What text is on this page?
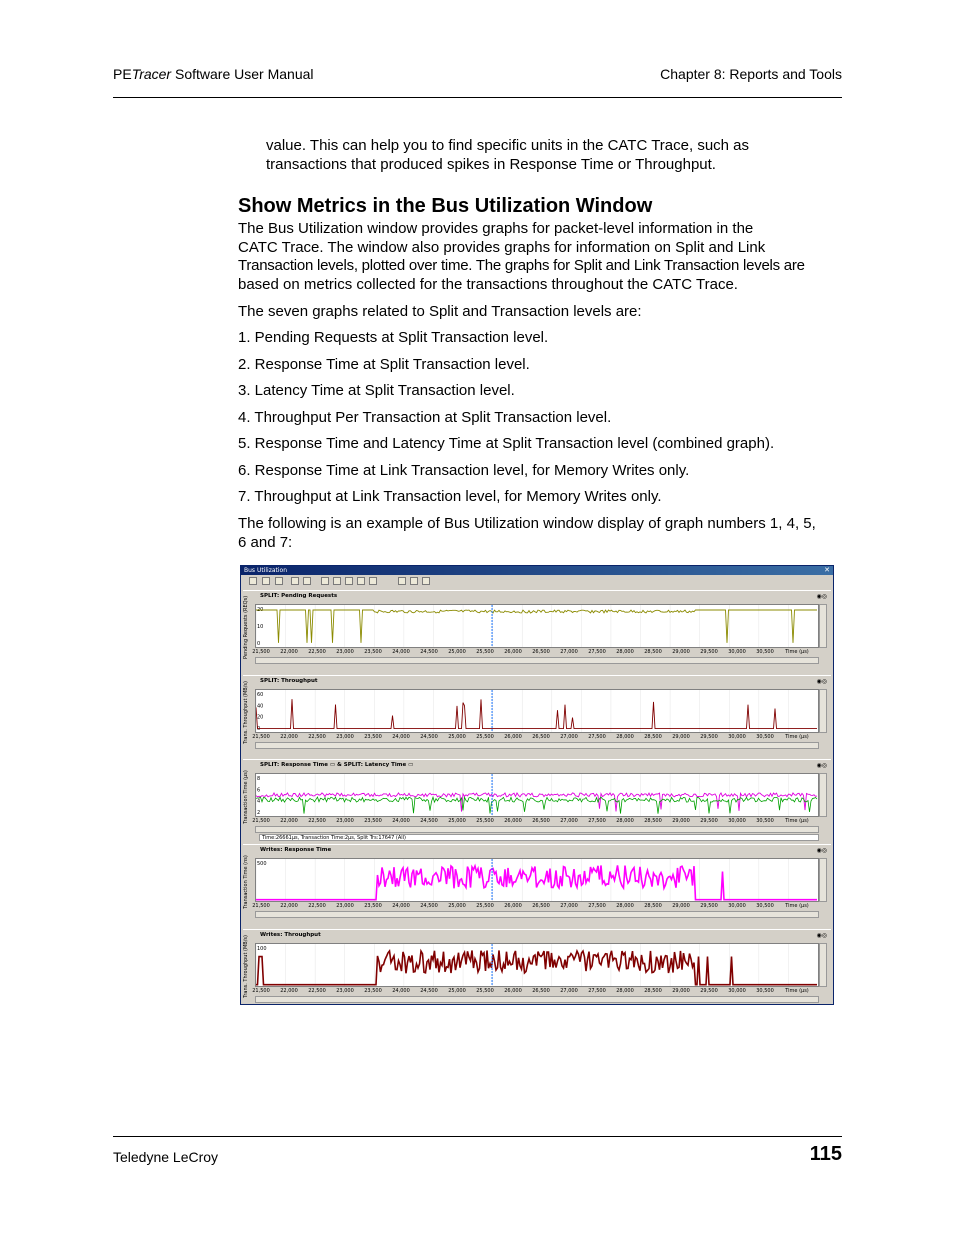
PETracer Software User Manual	Chapter 8: Reports and Tools
value. This can help you to find specific units in the CATC Trace, such as
transactions that produced spikes in Response Time or Throughput.
Show Metrics in the Bus Utilization Window
The Bus Utilization window provides graphs for packet-level information in the
CATC Trace. The window also provides graphs for information on Split and Link
Transaction levels, plotted over time. The graphs for Split and Link Transaction levels are
based on metrics collected for the transactions throughout the CATC Trace.
The seven graphs related to Split and Transaction levels are:
1. Pending Requests at Split Transaction level.
2. Response Time at Split Transaction level.
3. Latency Time at Split Transaction level.
4. Throughput Per Transaction at Split Transaction level.
5. Response Time and Latency Time at Split Transaction level (combined graph).
6. Response Time at Link Transaction level, for Memory Writes only.
7. Throughput at Link Transaction level, for Memory Writes only.
The following is an example of Bus Utilization window display of graph numbers 1, 4, 5,
6 and 7:
Bus Utilization	✕
SPLIT: Pending Requests	◉◎
Pending Requests (REQs) 20
10
0
21,500 22,000 22,500 23,000 23,500 24,000 24,500 25,000 25,500 26,000 26,500 27,000 27,500 28,000 28,500 29,000 29,500 30,000 30,500 Time (µs)
SPLIT: Throughput	◉◎
Trans. Throughput (MB/s) 60
40
20
0
21,500 22,000 22,500 23,000 23,500 24,000 24,500 25,000 25,500 26,000 26,500 27,000 27,500 28,000 28,500 29,000 29,500 30,000 30,500 Time (µs)
SPLIT: Response Time ▭ & SPLIT: Latency Time ▭	◉◎
Transaction Time (µs) 8
6
4
2
21,500 22,000 22,500 23,000 23,500 24,000 24,500 25,000 25,500 26,000 26,500 27,000 27,500 28,000 28,500 29,000 29,500 30,000 30,500 Time (µs)
Time:26661µs, Transaction Time:2µs, Split Trs:17647 (All)
Writes: Response Time	◉◎
Transaction Time (ns) 500
21,500 22,000 22,500 23,000 23,500 24,000 24,500 25,000 25,500 26,000 26,500 27,000 27,500 28,000 28,500 29,000 29,500 30,000 30,500 Time (µs)
Writes: Throughput	◉◎
Trans. Throughput (MB/s) 100
21,500 22,000 22,500 23,000 23,500 24,000 24,500 25,000 25,500 26,000 26,500 27,000 27,500 28,000 28,500 29,000 29,500 30,000 30,500 Time (µs)
Teledyne LeCroy	115
